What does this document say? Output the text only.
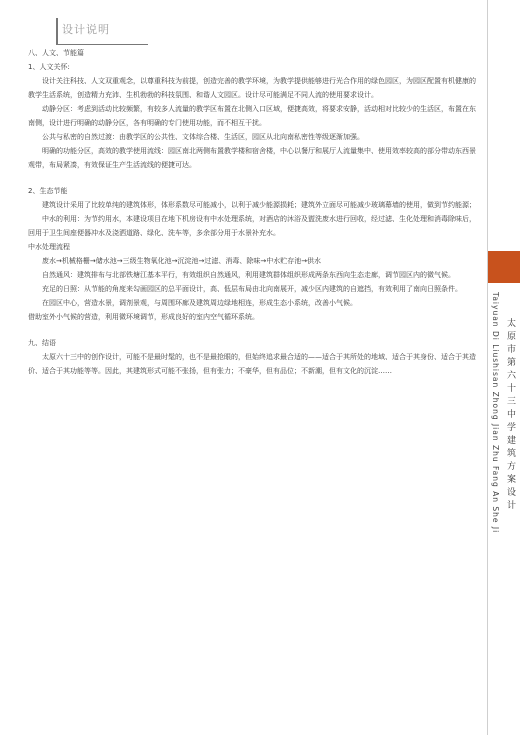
设计说明

八、人文、节能篇

1、人文关怀:

设计关注科技、人文双重观念，以尊重科技为前提，创造完善的教学环境，为教学提供能够进行光合作用的绿色园区，为园区配置有机健康的教学生活系统，创造精力充沛、生机勃勃的科技氛围、和谐人文园区。设计尽可能满足不同人流的使用要求设计。

动静分区：考虑到活动比较频繁，有较多人流量的教学区布置在北侧入口区域，便捷高效，将要求安静，活动相对比较少的生活区，布置在东南侧，设计进行明确的动静分区，各有明确的专门使用功能，而不相互干扰。

公共与私密的自然过渡：由教学区的公共性、文体综合楼、生活区，园区从北向南私密性等级逐渐加强。

明确的功能分区，高效的教学使用流线：园区南北两侧布置教学楼和宿舍楼，中心以餐厅和展厅人流量集中、使用效率较高的部分带动东西景观带，布局紧凑，有效保证生产生活流线的便捷可达。

2、生态节能

建筑设计采用了比较单纯的建筑体形，体形系数尽可能减小，以利于减少能源损耗；建筑外立面尽可能减少玻璃幕墙的使用，做到节约能源；

中水的利用：为节约用水，本建设项目在地下机房设有中水处理系统，对酒店的沐浴及盥洗废水进行回收，经过滤、生化处理和消毒除味后，回用于卫生间座便器冲水及浇洒道路、绿化、洗车等，多余部分用于水景补充水。

中水处理流程

废水→机械格栅→储水池→三级生物氧化池→沉淀池→过滤、消毒、除味→中水贮存池→供水

自然通风：建筑排布与北部铁塘江基本平行，有效组织自然通风，利用建筑群体组织形成两条东西向生态走廊，调节园区内的微气候。

充足的日照：从节能的角度来勾画园区的总平面设计，高、低层布局由北向南展开，减少区内建筑的自遮挡，有效利用了南向日照条件。

在园区中心，营造水景，调剂景观，与周围环廊及建筑周边绿地相连，形成生态小系统，改善小气候。

借助室外小气候的营造，利用微环境调节，形成良好的室内空气循环系统。

九、结语

太原六十三中的创作设计，可能不是最时髦的，也不是最抢眼的，但始终追求最合适的——适合于其所处的地域、适合于其身份、适合于其造价、适合于其功能等等。因此，其建筑形式可能不张扬，但有张力；不豪华，但有品位；不新潮，但有文化的沉淀……	太原市第六十三中学建筑方案设计

Taiyuan Di Liushisan Zhong Jian Zhu Fang An She Ji
